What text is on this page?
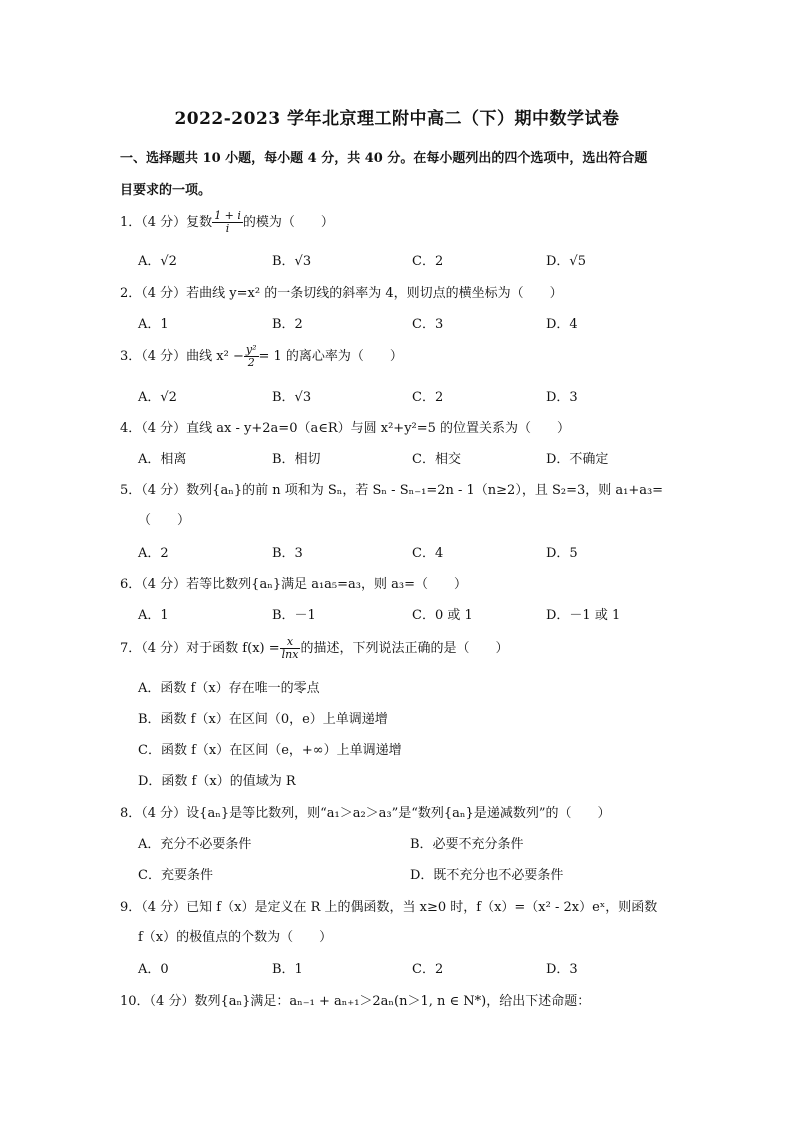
2022-2023 学年北京理工附中高二（下）期中数学试卷
一、选择题共 10 小题，每小题 4 分，共 40 分。在每小题列出的四个选项中，选出符合题
目要求的一项。
1．（4 分）复数 $\frac{1 + i}{i}$ 的模为（　　）
A．√2	B．√3	C．2	D．√5
2．（4 分）若曲线 y=x² 的一条切线的斜率为 4，则切点的横坐标为（　　）
A．1	B．2	C．3	D．4
3．（4 分）曲线 $x^2 - \frac{\text{y²}}{2} = 1$ 的离心率为（　　）
A．√2	B．√3	C．2	D．3
4．（4 分）直线 ax - y+2a=0（a∈R）与圆 x²+y²=5 的位置关系为（　　）
A．相离	B．相切	C．相交	D．不确定
5．（4 分）数列{aₙ}的前 n 项和为 Sₙ，若 Sₙ - Sₙ₋₁=2n - 1（n≥2），且 S₂=3，则 a₁+a₃=
（　　）
A．2	B．3	C．4	D．5
6．（4 分）若等比数列{aₙ}满足 a₁a₅=a₃，则 a₃=（　　）
A．1	B．－1	C．0 或 1	D．－1 或 1
7．（4 分）对于函数 $f(x) = \frac{x}{\ln x}$ 的描述，下列说法正确的是（　　）
A．函数 f（x）存在唯一的零点
B．函数 f（x）在区间（0，e）上单调递增
C．函数 f（x）在区间（e，+∞）上单调递增
D．函数 f（x）的值域为 R
8．（4 分）设{aₙ}是等比数列，则“a₁＞a₂＞a₃”是“数列{aₙ}是递减数列”的（　　）
A．充分不必要条件	B．必要不充分条件
C．充要条件	D．既不充分也不必要条件
9．（4 分）已知 f（x）是定义在 R 上的偶函数，当 x≥0 时，f（x）=（x² - 2x）eˣ，则函数
f（x）的极值点的个数为（　　）
A．0	B．1	C．2	D．3
10．（4 分）数列{aₙ}满足：aₙ₋₁ + aₙ₊₁＞2aₙ(n＞1, n ∈ N*)，给出下述命题：
